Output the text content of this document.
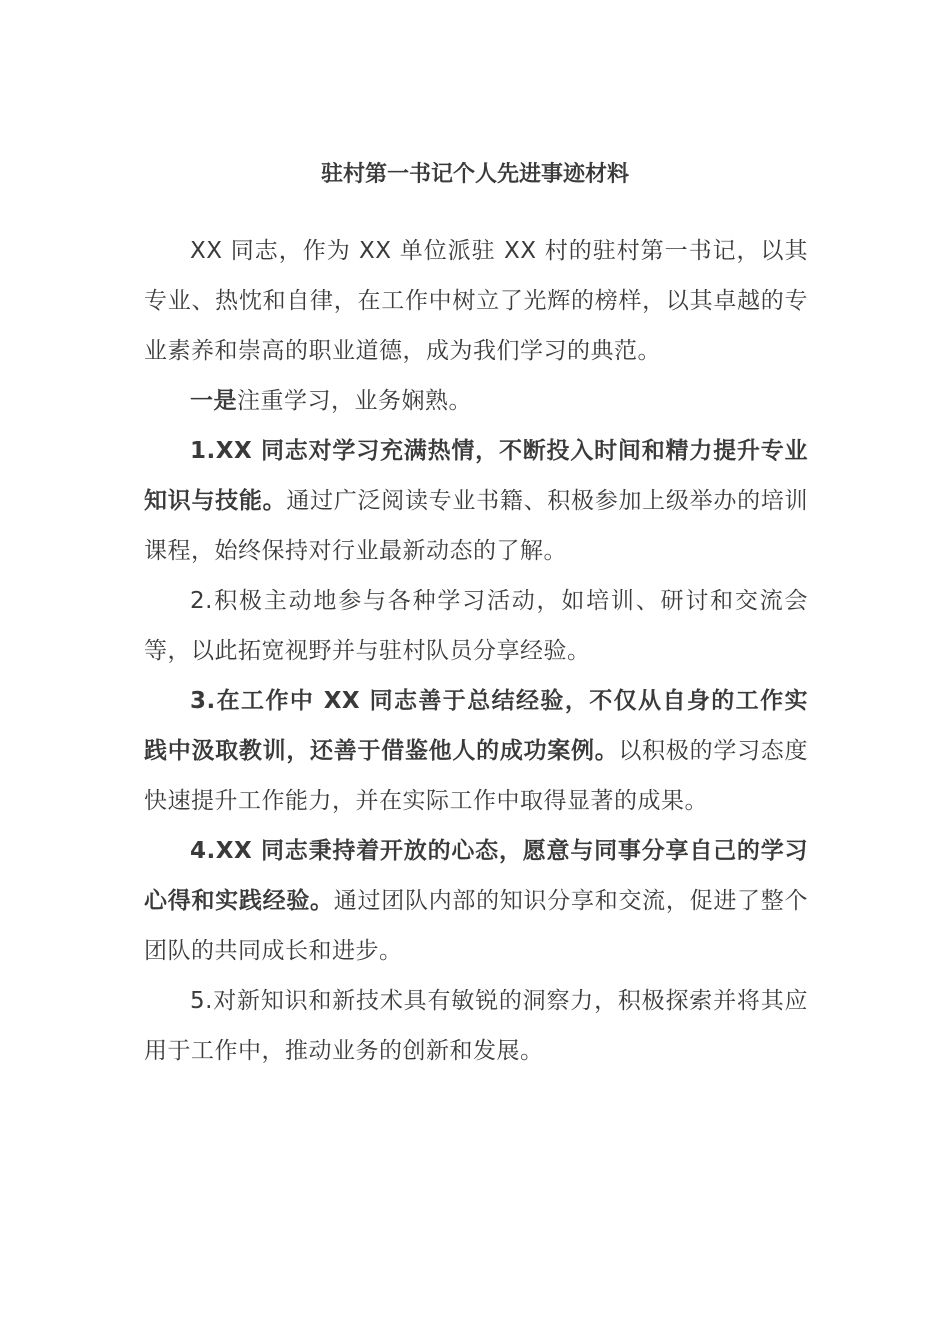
驻村第一书记个人先进事迹材料

XX 同志，作为 XX 单位派驻 XX 村的驻村第一书记，以其专业、热忱和自律，在工作中树立了光辉的榜样，以其卓越的专业素养和崇高的职业道德，成为我们学习的典范。

一是注重学习，业务娴熟。

1.XX 同志对学习充满热情，不断投入时间和精力提升专业知识与技能。通过广泛阅读专业书籍、积极参加上级举办的培训课程，始终保持对行业最新动态的了解。

2.积极主动地参与各种学习活动，如培训、研讨和交流会等，以此拓宽视野并与驻村队员分享经验。

3.在工作中 XX 同志善于总结经验，不仅从自身的工作实践中汲取教训，还善于借鉴他人的成功案例。以积极的学习态度快速提升工作能力，并在实际工作中取得显著的成果。

4.XX 同志秉持着开放的心态，愿意与同事分享自己的学习心得和实践经验。通过团队内部的知识分享和交流，促进了整个团队的共同成长和进步。

5.对新知识和新技术具有敏锐的洞察力，积极探索并将其应用于工作中，推动业务的创新和发展。
